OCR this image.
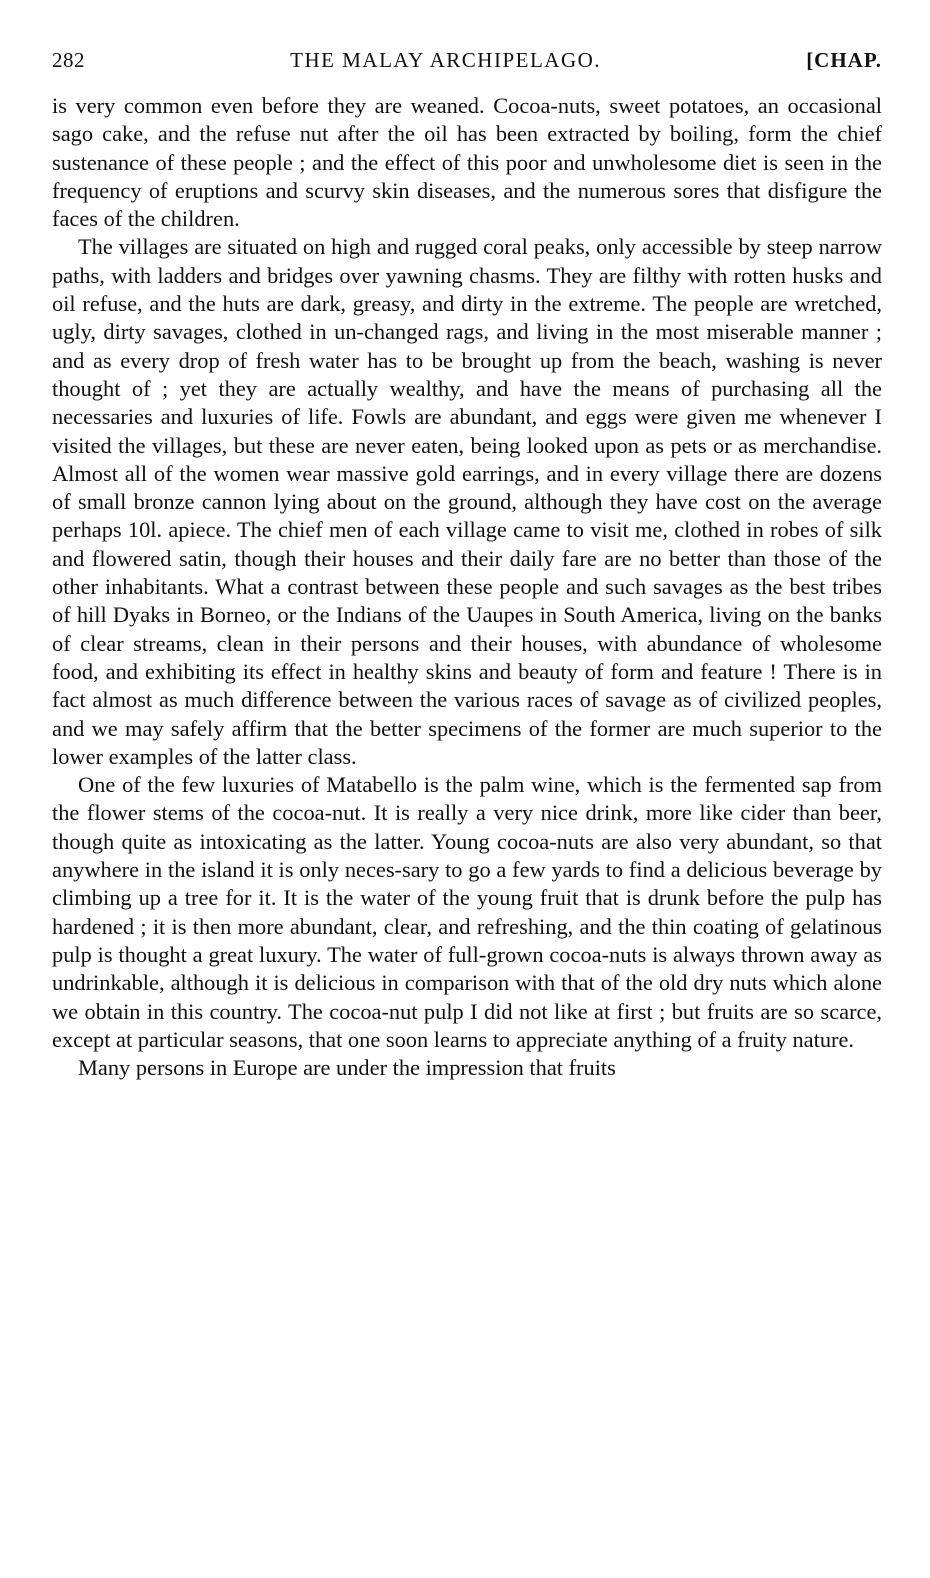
282	THE MALAY ARCHIPELAGO.	[CHAP.

is very common even before they are weaned. Cocoa-nuts, sweet potatoes, an occasional sago cake, and the refuse nut after the oil has been extracted by boiling, form the chief sustenance of these people ; and the effect of this poor and unwholesome diet is seen in the frequency of eruptions and scurvy skin diseases, and the numerous sores that disfigure the faces of the children.

The villages are situated on high and rugged coral peaks, only accessible by steep narrow paths, with ladders and bridges over yawning chasms. They are filthy with rotten husks and oil refuse, and the huts are dark, greasy, and dirty in the extreme. The people are wretched, ugly, dirty savages, clothed in un-changed rags, and living in the most miserable manner ; and as every drop of fresh water has to be brought up from the beach, washing is never thought of ; yet they are actually wealthy, and have the means of purchasing all the necessaries and luxuries of life. Fowls are abundant, and eggs were given me whenever I visited the villages, but these are never eaten, being looked upon as pets or as merchandise. Almost all of the women wear massive gold earrings, and in every village there are dozens of small bronze cannon lying about on the ground, although they have cost on the average perhaps 10l. apiece. The chief men of each village came to visit me, clothed in robes of silk and flowered satin, though their houses and their daily fare are no better than those of the other inhabitants. What a contrast between these people and such savages as the best tribes of hill Dyaks in Borneo, or the Indians of the Uaupes in South America, living on the banks of clear streams, clean in their persons and their houses, with abundance of wholesome food, and exhibiting its effect in healthy skins and beauty of form and feature ! There is in fact almost as much difference between the various races of savage as of civilized peoples, and we may safely affirm that the better specimens of the former are much superior to the lower examples of the latter class.

One of the few luxuries of Matabello is the palm wine, which is the fermented sap from the flower stems of the cocoa-nut. It is really a very nice drink, more like cider than beer, though quite as intoxicating as the latter. Young cocoa-nuts are also very abundant, so that anywhere in the island it is only neces-sary to go a few yards to find a delicious beverage by climbing up a tree for it. It is the water of the young fruit that is drunk before the pulp has hardened ; it is then more abundant, clear, and refreshing, and the thin coating of gelatinous pulp is thought a great luxury. The water of full-grown cocoa-nuts is always thrown away as undrinkable, although it is delicious in comparison with that of the old dry nuts which alone we obtain in this country. The cocoa-nut pulp I did not like at first ; but fruits are so scarce, except at particular seasons, that one soon learns to appreciate anything of a fruity nature.

Many persons in Europe are under the impression that fruits
